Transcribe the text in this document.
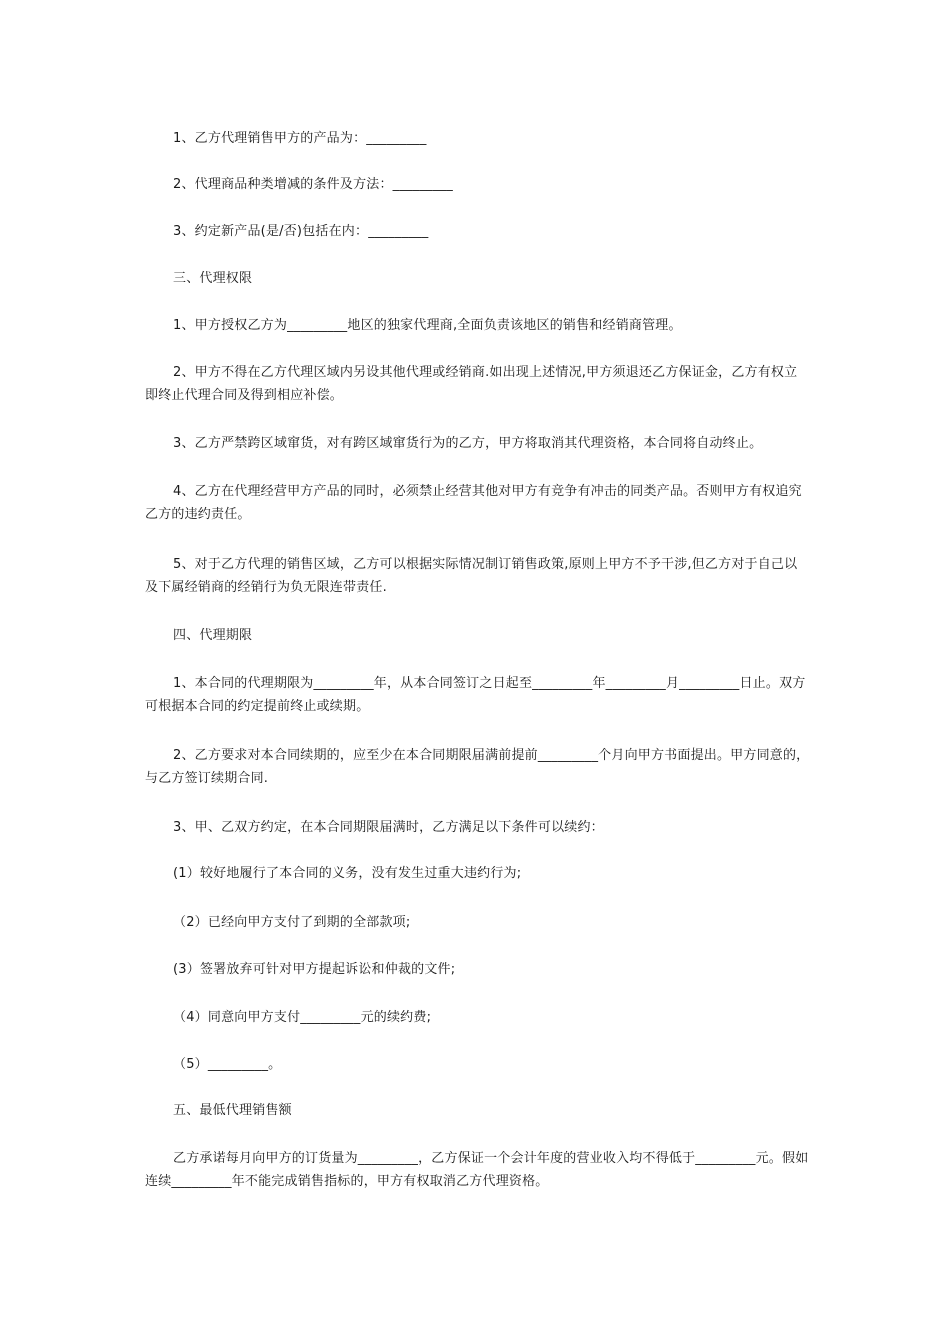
1、乙方代理销售甲方的产品为：_________

2、代理商品种类增减的条件及方法：_________

3、约定新产品(是/否)包括在内：_________

三、代理权限

1、甲方授权乙方为_________地区的独家代理商,全面负责该地区的销售和经销商管理。

2、甲方不得在乙方代理区域内另设其他代理或经销商.如出现上述情况,甲方须退还乙方保证金，乙方有权立即终止代理合同及得到相应补偿。

3、乙方严禁跨区域窜货，对有跨区域窜货行为的乙方，甲方将取消其代理资格，本合同将自动终止。

4、乙方在代理经营甲方产品的同时，必须禁止经营其他对甲方有竞争有冲击的同类产品。否则甲方有权追究乙方的违约责任。

5、对于乙方代理的销售区域，乙方可以根据实际情况制订销售政策,原则上甲方不予干涉,但乙方对于自己以及下属经销商的经销行为负无限连带责任.

四、代理期限

1、本合同的代理期限为_________年，从本合同签订之日起至_________年_________月_________日止。双方可根据本合同的约定提前终止或续期。

2、乙方要求对本合同续期的，应至少在本合同期限届满前提前_________个月向甲方书面提出。甲方同意的，与乙方签订续期合同.

3、甲、乙双方约定，在本合同期限届满时，乙方满足以下条件可以续约：

(1）较好地履行了本合同的义务，没有发生过重大违约行为;

（2）已经向甲方支付了到期的全部款项;

(3）签署放弃可针对甲方提起诉讼和仲裁的文件;

（4）同意向甲方支付_________元的续约费;

（5）_________。

五、最低代理销售额

乙方承诺每月向甲方的订货量为_________，乙方保证一个会计年度的营业收入均不得低于_________元。假如连续_________年不能完成销售指标的，甲方有权取消乙方代理资格。
